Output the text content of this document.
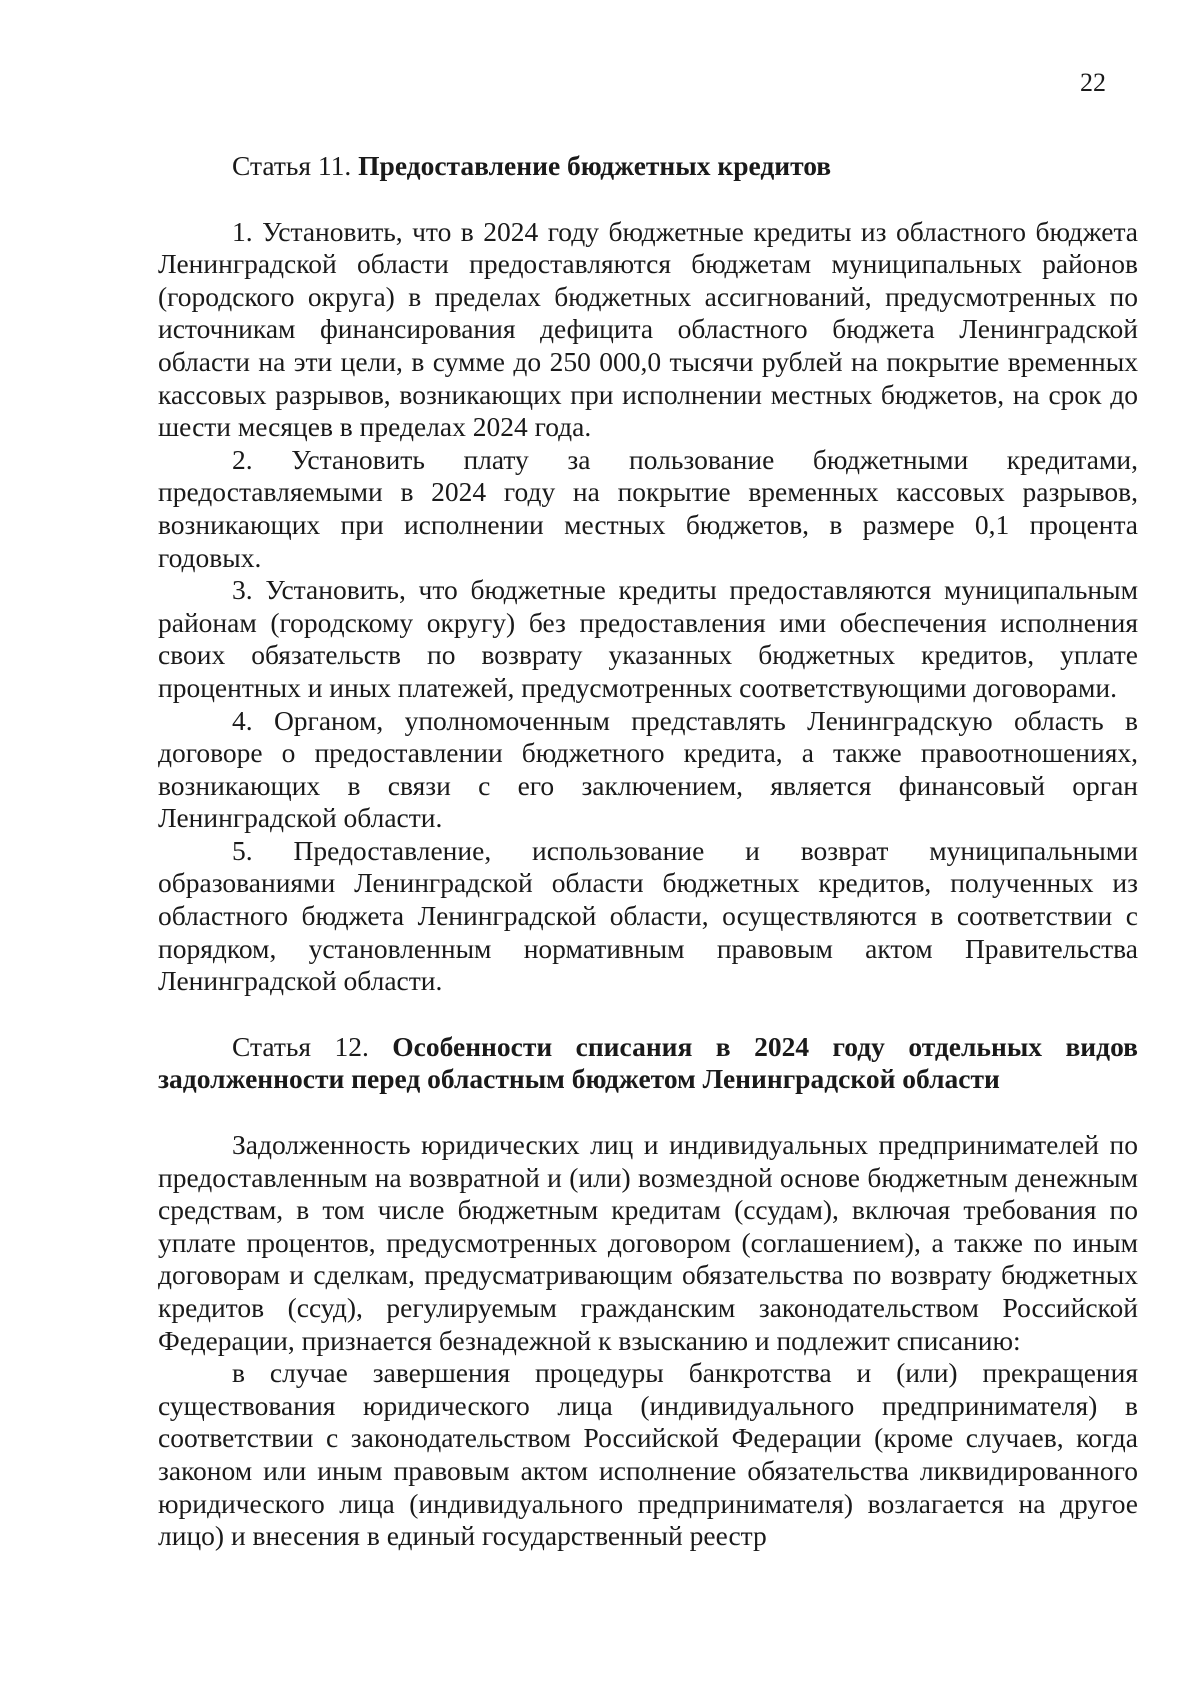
22

Статья 11. Предоставление бюджетных кредитов

1. Установить, что в 2024 году бюджетные кредиты из областного бюджета Ленинградской области предоставляются бюджетам муниципальных районов (городского округа) в пределах бюджетных ассигнований, предусмотренных по источникам финансирования дефицита областного бюджета Ленинградской области на эти цели, в сумме до 250 000,0 тысячи рублей на покрытие временных кассовых разрывов, возникающих при исполнении местных бюджетов, на срок до шести месяцев в пределах 2024 года.

2. Установить плату за пользование бюджетными кредитами, предоставляемыми в 2024 году на покрытие временных кассовых разрывов, возникающих при исполнении местных бюджетов, в размере 0,1 процента годовых.

3. Установить, что бюджетные кредиты предоставляются муниципальным районам (городскому округу) без предоставления ими обеспечения исполнения своих обязательств по возврату указанных бюджетных кредитов, уплате процентных и иных платежей, предусмотренных соответствующими договорами.

4. Органом, уполномоченным представлять Ленинградскую область в договоре о предоставлении бюджетного кредита, а также правоотношениях, возникающих в связи с его заключением, является финансовый орган Ленинградской области.

5. Предоставление, использование и возврат муниципальными образованиями Ленинградской области бюджетных кредитов, полученных из областного бюджета Ленинградской области, осуществляются в соответствии с порядком, установленным нормативным правовым актом Правительства Ленинградской области.

Статья 12. Особенности списания в 2024 году отдельных видов задолженности перед областным бюджетом Ленинградской области

Задолженность юридических лиц и индивидуальных предпринимателей по предоставленным на возвратной и (или) возмездной основе бюджетным денежным средствам, в том числе бюджетным кредитам (ссудам), включая требования по уплате процентов, предусмотренных договором (соглашением), а также по иным договорам и сделкам, предусматривающим обязательства по возврату бюджетных кредитов (ссуд), регулируемым гражданским законодательством Российской Федерации, признается безнадежной к взысканию и подлежит списанию:

в случае завершения процедуры банкротства и (или) прекращения существования юридического лица (индивидуального предпринимателя) в соответствии с законодательством Российской Федерации (кроме случаев, когда законом или иным правовым актом исполнение обязательства ликвидированного юридического лица (индивидуального предпринимателя) возлагается на другое лицо) и внесения в единый государственный реестр
